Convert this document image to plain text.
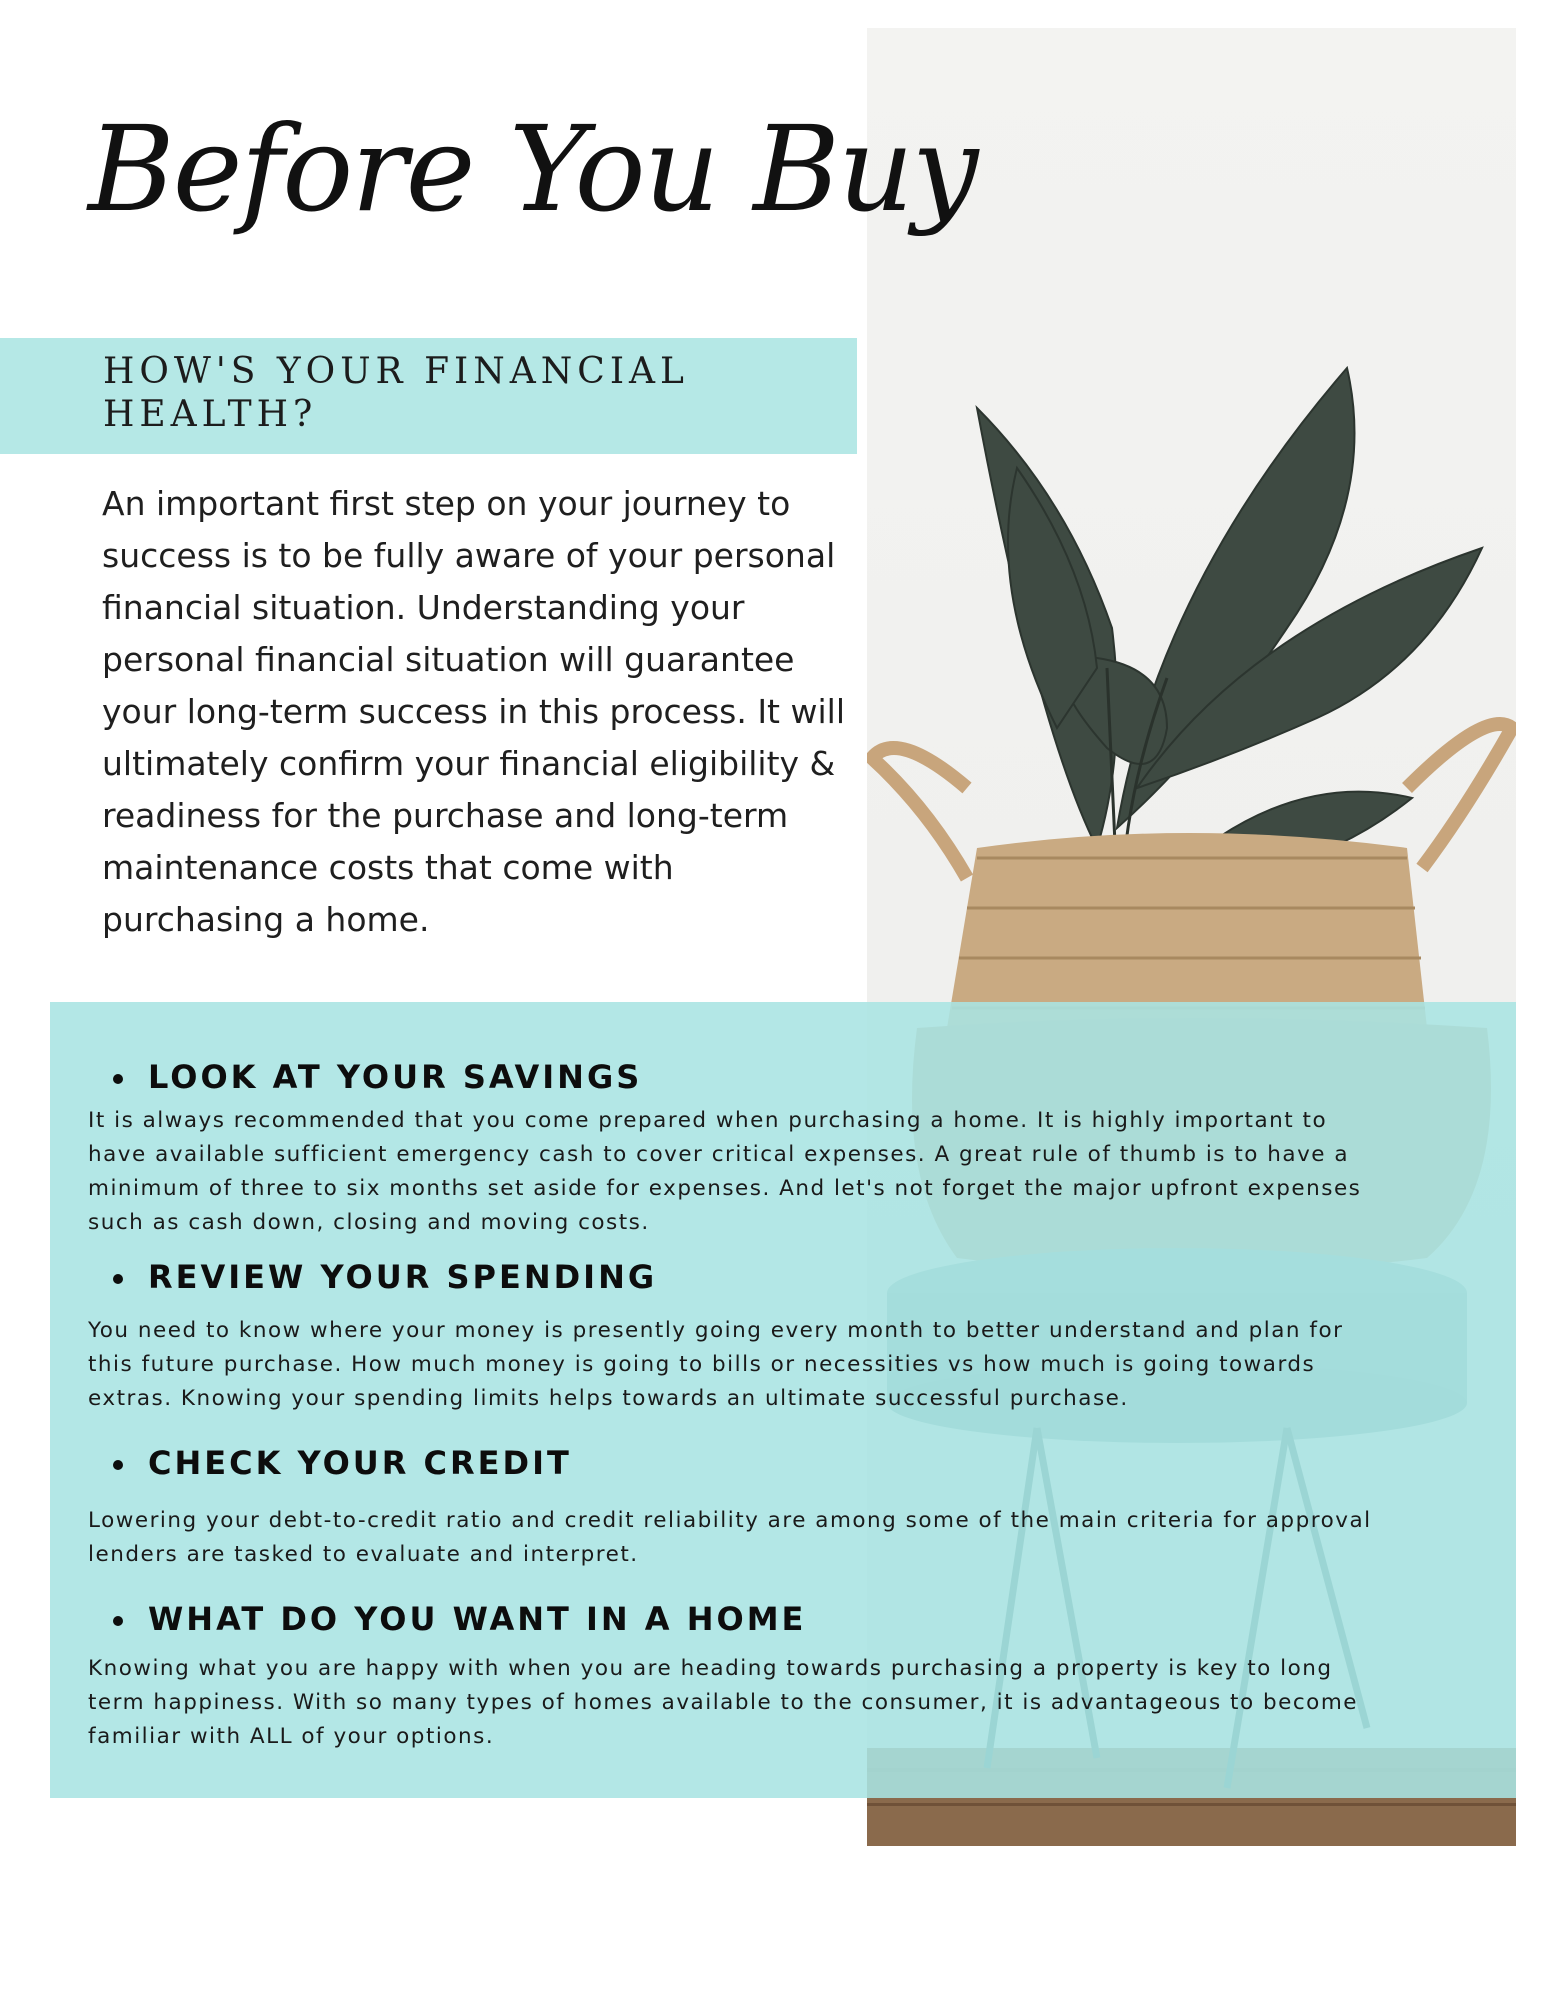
Before You Buy
HOW'S YOUR FINANCIAL HEALTH?

An important first step on your journey to success is to be fully aware of your personal financial situation. Understanding your personal financial situation will guarantee your long-term success in this process. It will ultimately confirm your financial eligibility & readiness for the purchase and long-term maintenance costs that come with purchasing a home.

LOOK AT YOUR SAVINGS

It is always recommended that you come prepared when purchasing a home. It is highly important to have available sufficient emergency cash to cover critical expenses. A great rule of thumb is to have a minimum of three to six months set aside for expenses. And let's not forget the major upfront expenses such as cash down, closing and moving costs.

REVIEW YOUR SPENDING

You need to know where your money is presently going every month to better understand and plan for this future purchase. How much money is going to bills or necessities vs how much is going towards extras. Knowing your spending limits helps towards an ultimate successful purchase.

CHECK YOUR CREDIT

Lowering your debt-to-credit ratio and credit reliability are among some of the main criteria for approval lenders are tasked to evaluate and interpret.

WHAT DO YOU WANT IN A HOME

Knowing what you are happy with when you are heading towards purchasing a property is key to long term happiness. With so many types of homes available to the consumer, it is advantageous to become familiar with ALL of your options.
